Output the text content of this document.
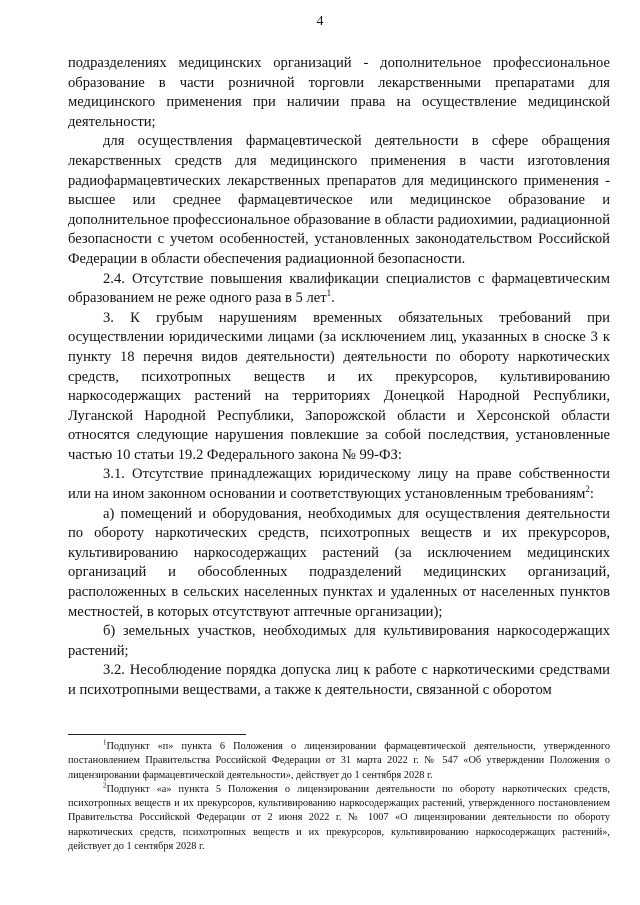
4

подразделениях медицинских организаций - дополнительное профессиональное образование в части розничной торговли лекарственными препаратами для медицинского применения при наличии права на осуществление медицинской деятельности;

для осуществления фармацевтической деятельности в сфере обращения лекарственных средств для медицинского применения в части изготовления радиофармацевтических лекарственных препаратов для медицинского применения - высшее или среднее фармацевтическое или медицинское образование и дополнительное профессиональное образование в области радиохимии, радиационной безопасности с учетом особенностей, установленных законодательством Российской Федерации в области обеспечения радиационной безопасности.

2.4. Отсутствие повышения квалификации специалистов с фармацевтическим образованием не реже одного раза в 5 лет$^1$.

3. К грубым нарушениям временных обязательных требований при осуществлении юридическими лицами (за исключением лиц, указанных в сноске 3 к пункту 18 перечня видов деятельности) деятельности по обороту наркотических средств, психотропных веществ и их прекурсоров, культивированию наркосодержащих растений на территориях Донецкой Народной Республики, Луганской Народной Республики, Запорожской области и Херсонской области относятся следующие нарушения повлекшие за собой последствия, установленные частью 10 статьи 19.2 Федерального закона № 99-ФЗ:

3.1. Отсутствие принадлежащих юридическому лицу на праве собственности или на ином законном основании и соответствующих установленным требованиям$^2$:

а) помещений и оборудования, необходимых для осуществления деятельности по обороту наркотических средств, психотропных веществ и их прекурсоров, культивированию наркосодержащих растений (за исключением медицинских организаций и обособленных подразделений медицинских организаций, расположенных в сельских населенных пунктах и удаленных от населенных пунктов местностей, в которых отсутствуют аптечные организации);

б) земельных участков, необходимых для культивирования наркосодержащих растений;

3.2. Несоблюдение порядка допуска лиц к работе с наркотическими средствами и психотропными веществами, а также к деятельности, связанной с оборотом

$^1$Подпункт «п» пункта 6 Положения о лицензировании фармацевтической деятельности, утвержденного постановлением Правительства Российской Федерации от 31 марта 2022 г. № 547 «Об утверждении Положения о лицензировании фармацевтической деятельности», действует до 1 сентября 2028 г.

$^2$Подпункт «а» пункта 5 Положения о лицензировании деятельности по обороту наркотических средств, психотропных веществ и их прекурсоров, культивированию наркосодержащих растений, утвержденного постановлением Правительства Российской Федерации от 2 июня 2022 г. № 1007 «О лицензировании деятельности по обороту наркотических средств, психотропных веществ и их прекурсоров, культивированию наркосодержащих растений», действует до 1 сентября 2028 г.
